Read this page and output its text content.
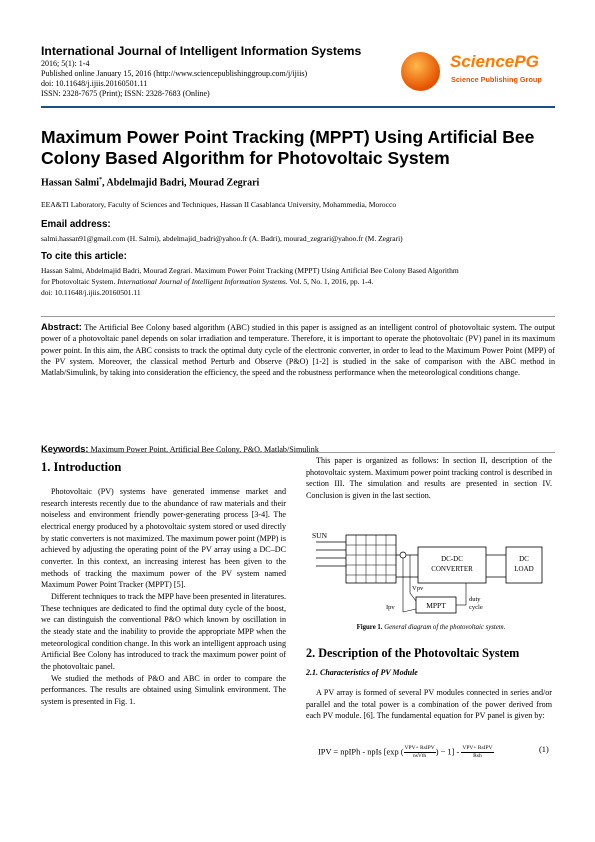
International Journal of Intelligent Information Systems
2016; 5(1): 1-4
Published online January 15, 2016 (http://www.sciencepublishinggroup.com/j/ijiis)
doi: 10.11648/j.ijiis.20160501.11
ISSN: 2328-7675 (Print); ISSN: 2328-7683 (Online)
SciencePG
Science Publishing Group
Maximum Power Point Tracking (MPPT) Using Artificial Bee
Colony Based Algorithm for Photovoltaic System
Hassan Salmi*, Abdelmajid Badri, Mourad Zegrari
EEA&TI Laboratory, Faculty of Sciences and Techniques, Hassan II Casablanca University, Mohammedia, Morocco
Email address:
salmi.hassan91@gmail.com (H. Salmi), abdelmajid_badri@yahoo.fr (A. Badri), mourad_zegrari@yahoo.fr (M. Zegrari)
To cite this article:
Hassan Salmi, Abdelmajid Badri, Mourad Zegrari. Maximum Power Point Tracking (MPPT) Using Artificial Bee Colony Based Algorithm
for Photovoltaic System. International Journal of Intelligent Information Systems. Vol. 5, No. 1, 2016, pp. 1-4.
doi: 10.11648/j.ijiis.20160501.11
Abstract: The Artificial Bee Colony based algorithm (ABC) studied in this paper is assigned as an intelligent control of photovoltaic system. The output power of a photovoltaic panel depends on solar irradiation and temperature. Therefore, it is important to operate the photovoltaic (PV) panel in its maximum power point. In this aim, the ABC consists to track the optimal duty cycle of the electronic converter, in order to lead to the Maximum Power Point (MPP) of the PV system. Moreover, the classical method Perturb and Observe (P&O) [1-2] is studied in the sake of comparison with the ABC method in Matlab/Simulink, by taking into consideration the efficiency, the speed and the robustness performance when the meteorological conditions change.
Keywords: Maximum Power Point, Artificial Bee Colony, P&O, Matlab/Simulink
1. Introduction

Photovoltaic (PV) systems have generated immense market and research interests recently due to the abundance of raw materials and their noiseless and environment friendly power-generating process [3-4]. The electrical energy produced by a photovoltaic system stored or used directly by static converters is not maximized. The maximum power point (MPP) is achieved by adjusting the operating point of the PV array using a DC–DC converter. In this context, an increasing interest has been given to the methods of tracking the maximum power of the PV system named Maximum Power Point Tracker (MPPT) [5].

Different techniques to track the MPP have been presented in literatures. These techniques are dedicated to find the optimal duty cycle of the boost, we can distinguish the conventional P&O which known by oscillation in the steady state and the inability to provide the appropriate MPP when the meteorological condition change. In this work an intelligent approach using Artificial Bee Colony has introduced to track the maximum power point of the photovoltaic panel.

We studied the methods of P&O and ABC in order to compare the performances. The results are obtained using Simulink environment. The system is presented in Fig. 1.

This paper is organized as follows: In section II, description of the photovoltaic system. Maximum power point tracking control is described in section III. The simulation and results are presented in section IV. Conclusion is given in the last section.

SUN
DC-DC
CONVERTER
DC
LOAD
Vpv
Ipv	MPPT
duty
cycle
Figure 1. General diagram of the photovoltaic system.
2. Description of the Photovoltaic System
2.1. Characteristics of PV Module

A PV array is formed of several PV modules connected in series and/or parallel and the total power is a combination of the power derived from each PV module. [6]. The fundamental equation for PV panel is given by:

IPV = npIPh - npIs [exp ( $\frac{\text{VPV+ RsIPV}}{\text{nsVth}}$ ) − $1] - \frac{\text{VPV+ RsIPV}}{\text{Rsh}}$	(1)
